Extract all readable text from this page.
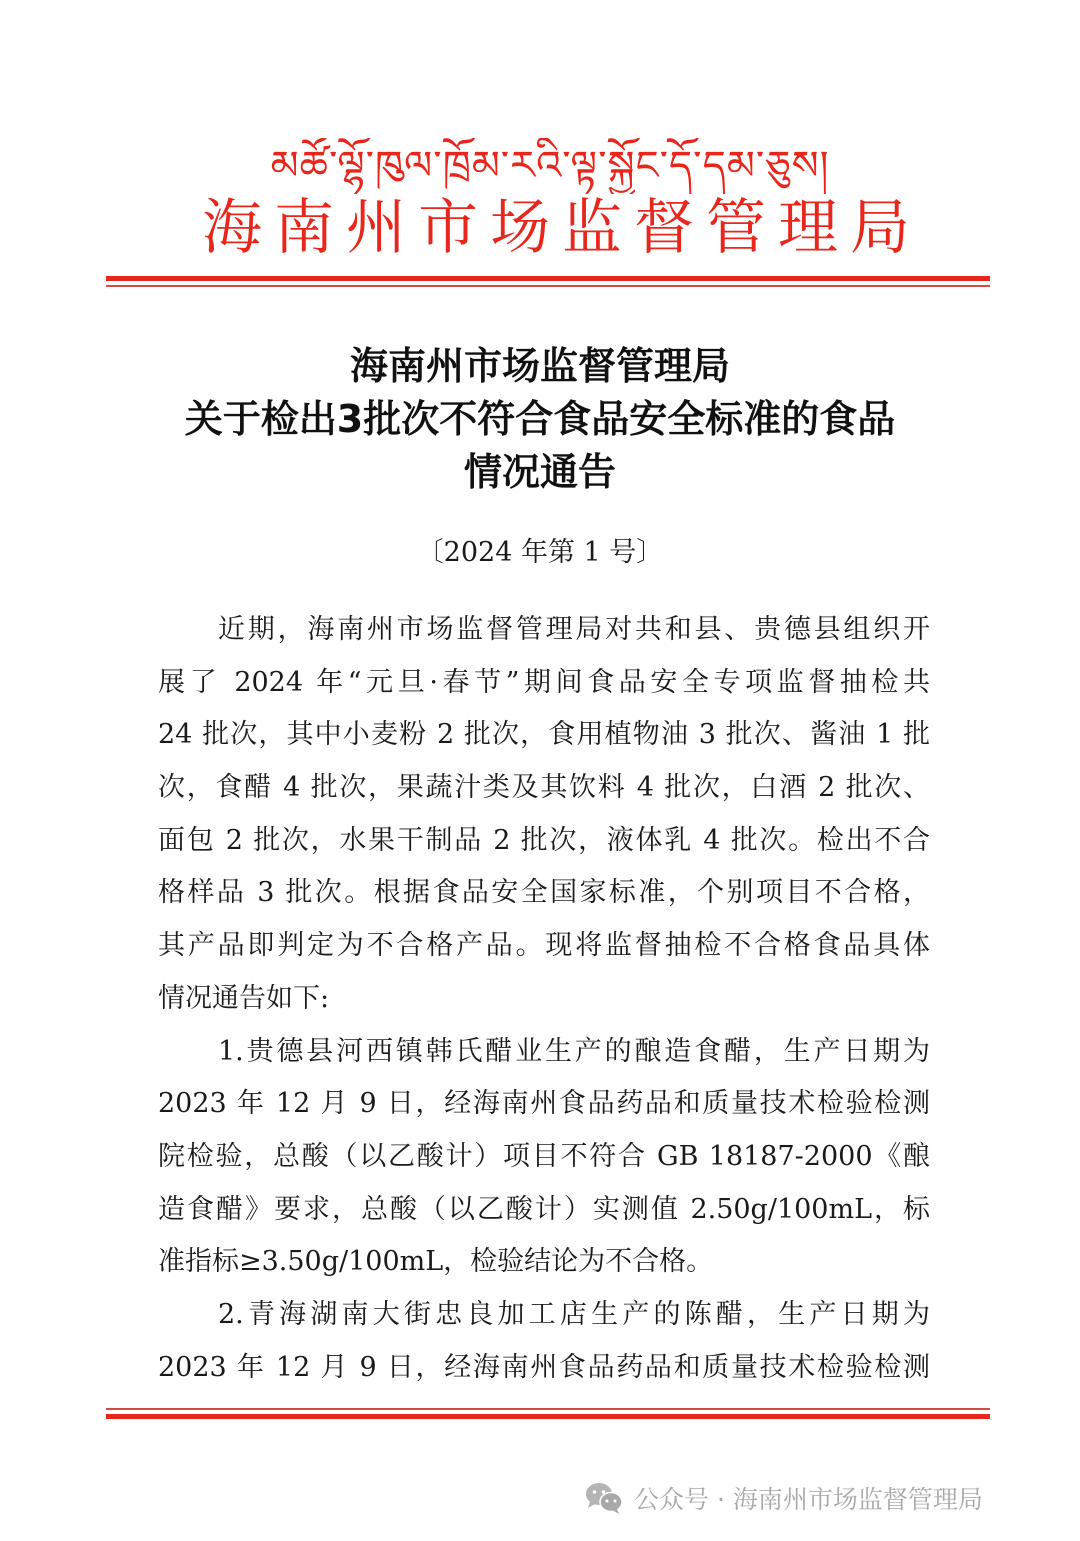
མཚོ་ལྷོ་ཁུལ་ཁྲོམ་རའི་ལྟ་སྐྱོང་དོ་དམ་ཅུས།
海南州市场监督管理局
海南州市场监督管理局
关于检出3批次不符合食品安全标准的食品
情况通告
〔2024 年第 1 号〕
近期，海南州市场监督管理局对共和县、贵德县组织开
展了 2024 年“元旦·春节”期间食品安全专项监督抽检共
24 批次，其中小麦粉 2 批次，食用植物油 3 批次、酱油 1 批
次，食醋 4 批次，果蔬汁类及其饮料 4 批次，白酒 2 批次、
面包 2 批次，水果干制品 2 批次，液体乳 4 批次。检出不合
格样品 3 批次。根据食品安全国家标准，个别项目不合格，
其产品即判定为不合格产品。现将监督抽检不合格食品具体
情况通告如下:
1.贵德县河西镇韩氏醋业生产的酿造食醋，生产日期为
2023 年 12 月 9 日，经海南州食品药品和质量技术检验检测
院检验，总酸（以乙酸计）项目不符合 GB 18187-2000《酿
造食醋》要求，总酸（以乙酸计）实测值 2.50g/100mL，标
准指标≥3.50g/100mL，检验结论为不合格。
2.青海湖南大街忠良加工店生产的陈醋，生产日期为
2023 年 12 月 9 日，经海南州食品药品和质量技术检验检测
公众号 · 海南州市场监督管理局
